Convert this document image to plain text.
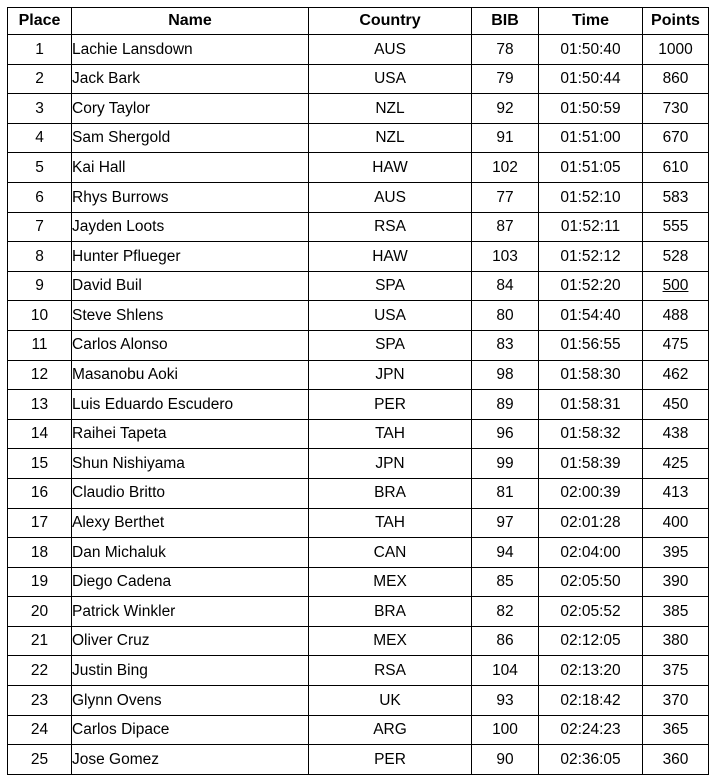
Place	Name	Country	BIB	Time	Points
1	Lachie Lansdown	AUS	78	01:50:40	1000
2	Jack Bark	USA	79	01:50:44	860
3	Cory Taylor	NZL	92	01:50:59	730
4	Sam Shergold	NZL	91	01:51:00	670
5	Kai Hall	HAW	102	01:51:05	610
6	Rhys Burrows	AUS	77	01:52:10	583
7	Jayden Loots	RSA	87	01:52:11	555
8	Hunter Pflueger	HAW	103	01:52:12	528
9	David Buil	SPA	84	01:52:20	500
10	Steve Shlens	USA	80	01:54:40	488
11	Carlos Alonso	SPA	83	01:56:55	475
12	Masanobu Aoki	JPN	98	01:58:30	462
13	Luis Eduardo Escudero	PER	89	01:58:31	450
14	Raihei Tapeta	TAH	96	01:58:32	438
15	Shun Nishiyama	JPN	99	01:58:39	425
16	Claudio Britto	BRA	81	02:00:39	413
17	Alexy Berthet	TAH	97	02:01:28	400
18	Dan Michaluk	CAN	94	02:04:00	395
19	Diego Cadena	MEX	85	02:05:50	390
20	Patrick Winkler	BRA	82	02:05:52	385
21	Oliver Cruz	MEX	86	02:12:05	380
22	Justin Bing	RSA	104	02:13:20	375
23	Glynn Ovens	UK	93	02:18:42	370
24	Carlos Dipace	ARG	100	02:24:23	365
25	Jose Gomez	PER	90	02:36:05	360
